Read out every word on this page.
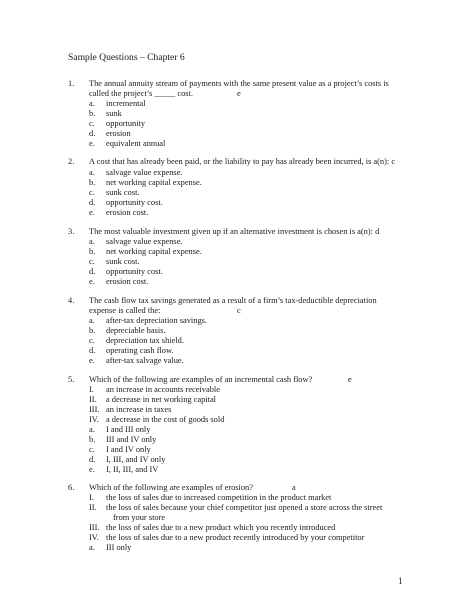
Sample Questions – Chapter 6
1. The annual annuity stream of payments with the same present value as a project’s costs is
called the project’s _____ cost.	e
a. incremental
b. sunk
c. opportunity
d. erosion
e. equivalent annual
2. A cost that has already been paid, or the liability to pay has already been incurred, is a(n): c
a. salvage value expense.
b. net working capital expense.
c. sunk cost.
d. opportunity cost.
e. erosion cost.
3. The most valuable investment given up if an alternative investment is chosen is a(n): d
a. salvage value expense.
b. net working capital expense.
c. sunk cost.
d. opportunity cost.
e. erosion cost.
4. The cash flow tax savings generated as a result of a firm’s tax-deductible depreciation
expense is called the:	c
a. after-tax depreciation savings.
b. depreciable basis.
c. depreciation tax shield.
d. operating cash flow.
e. after-tax salvage value.
5. Which of the following are examples of an incremental cash flow?	e
I. an increase in accounts receivable
II. a decrease in net working capital
III. an increase in taxes
IV. a decrease in the cost of goods sold
a. I and III only
b. III and IV only
c. I and IV only
d. I, III, and IV only
e. I, II, III, and IV
6. Which of the following are examples of erosion?	a
I. the loss of sales due to increased competition in the product market
II. the loss of sales because your chief competitor just opened a store across the street
from your store
III. the loss of sales due to a new product which you recently introduced
IV. the loss of sales due to a new product recently introduced by your competitor
a. III only
1
